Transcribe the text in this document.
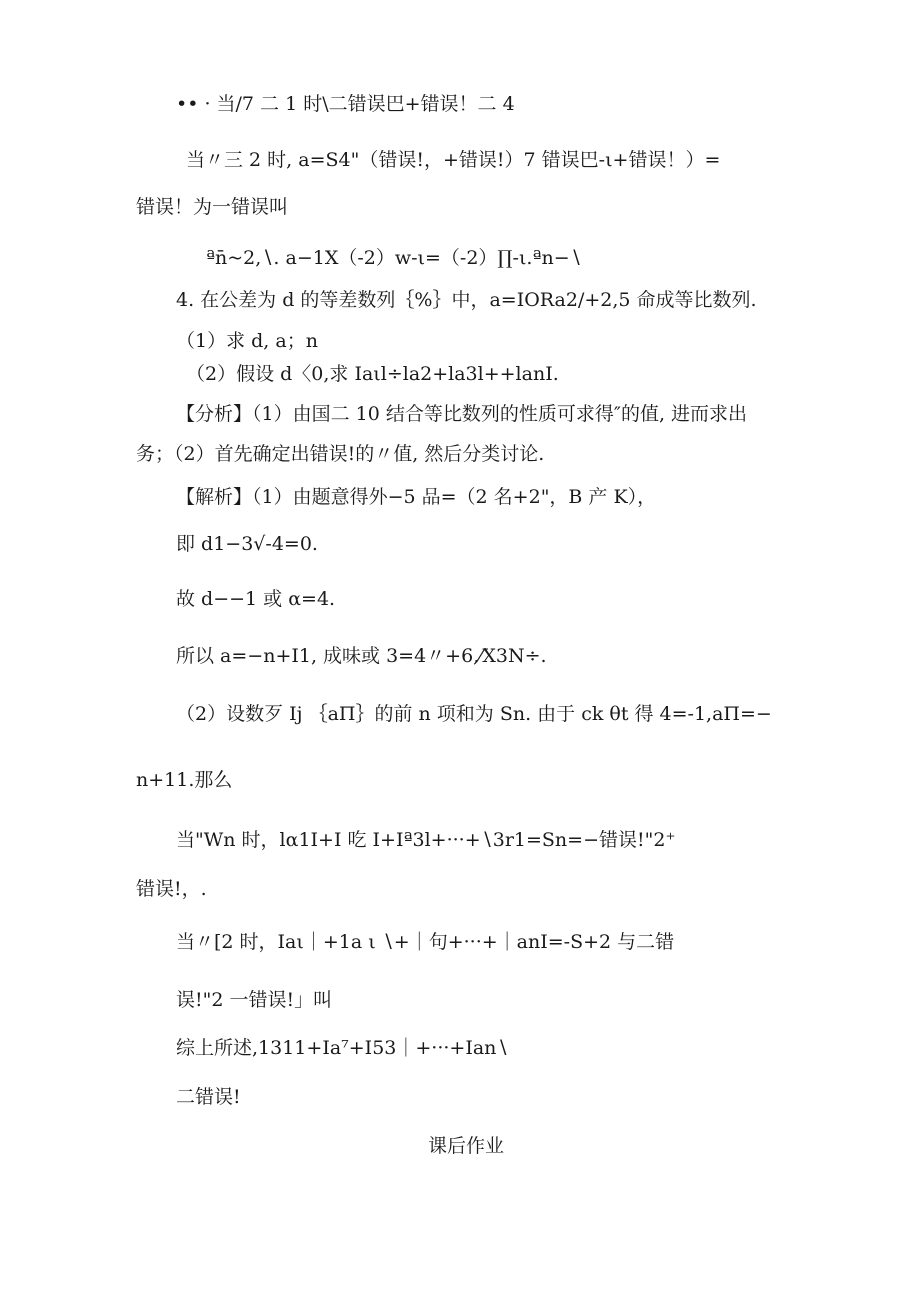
•• · 当/7 二 1 时\二错误巴+错误！二 4
当〃三 2 时, a=S4"（错误!，+错误!）7 错误巴-ι+错误！）=
错误！为一错误叫
ªn̄~2,∖. a−1X（-2）w-ι=（-2）∏-ι.ªn−∖
4. 在公差为 d 的等差数列｛%｝中，a=IORa2/+2,5 命成等比数列.
（1）求 d, a；n
（2）假设 d〈0,求 Iaιl÷la2+la3l++lanI.
【分析】（1）由国二 10 结合等比数列的性质可求得″的值, 进而求出
务；（2）首先确定出错误!的〃值, 然后分类讨论.
【解析】（1）由题意得外−5 品=（2 名+2"，B 产 K），
即 d1−3√-4=0.
故 d−−1 或 α=4.
所以 a=−n+I1, 成味或 3=4〃+6,⁄X3N÷.
（2）设数歹 Ij ｛aΠ｝的前 n 项和为 Sn. 由于 ck θt 得 4=-1,aΠ=−
n+11.那么
当"Wn 时，lα1I+I 吃 I+Iª3l+···+∖3r1=Sn=−错误!"2⁺
错误!，.
当〃[2 时，Iaι｜+1a ι ∖+｜句+···+｜anI=-S+2 与二错
误!"2 一错误!」叫
综上所述,1311+Ia⁷+I53｜+···+Ian∖
二错误!
课后作业
